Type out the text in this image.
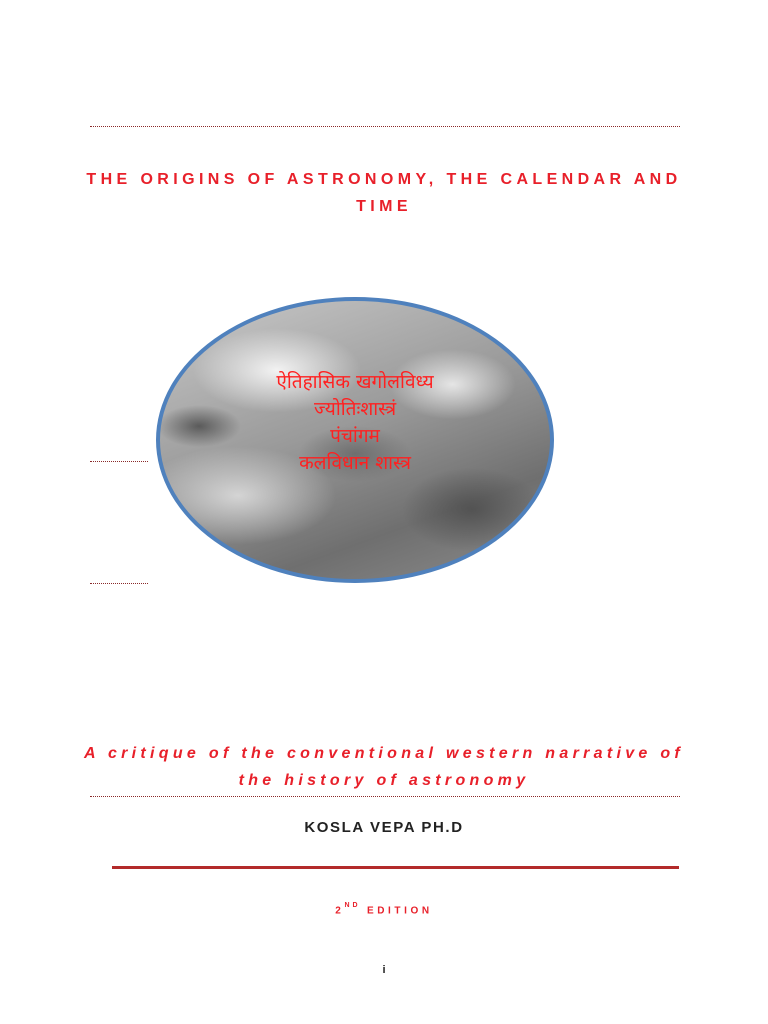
THE ORIGINS OF ASTRONOMY, THE CALENDAR AND
TIME
ऐतिहासिक खगोलविध्य
ज्योतिःशास्त्रं
पंचांगम
कलविधान शास्त्र
A critique of the conventional western narrative of
the history of astronomy
KOSLA VEPA PH.D
2ND EDITION
i
